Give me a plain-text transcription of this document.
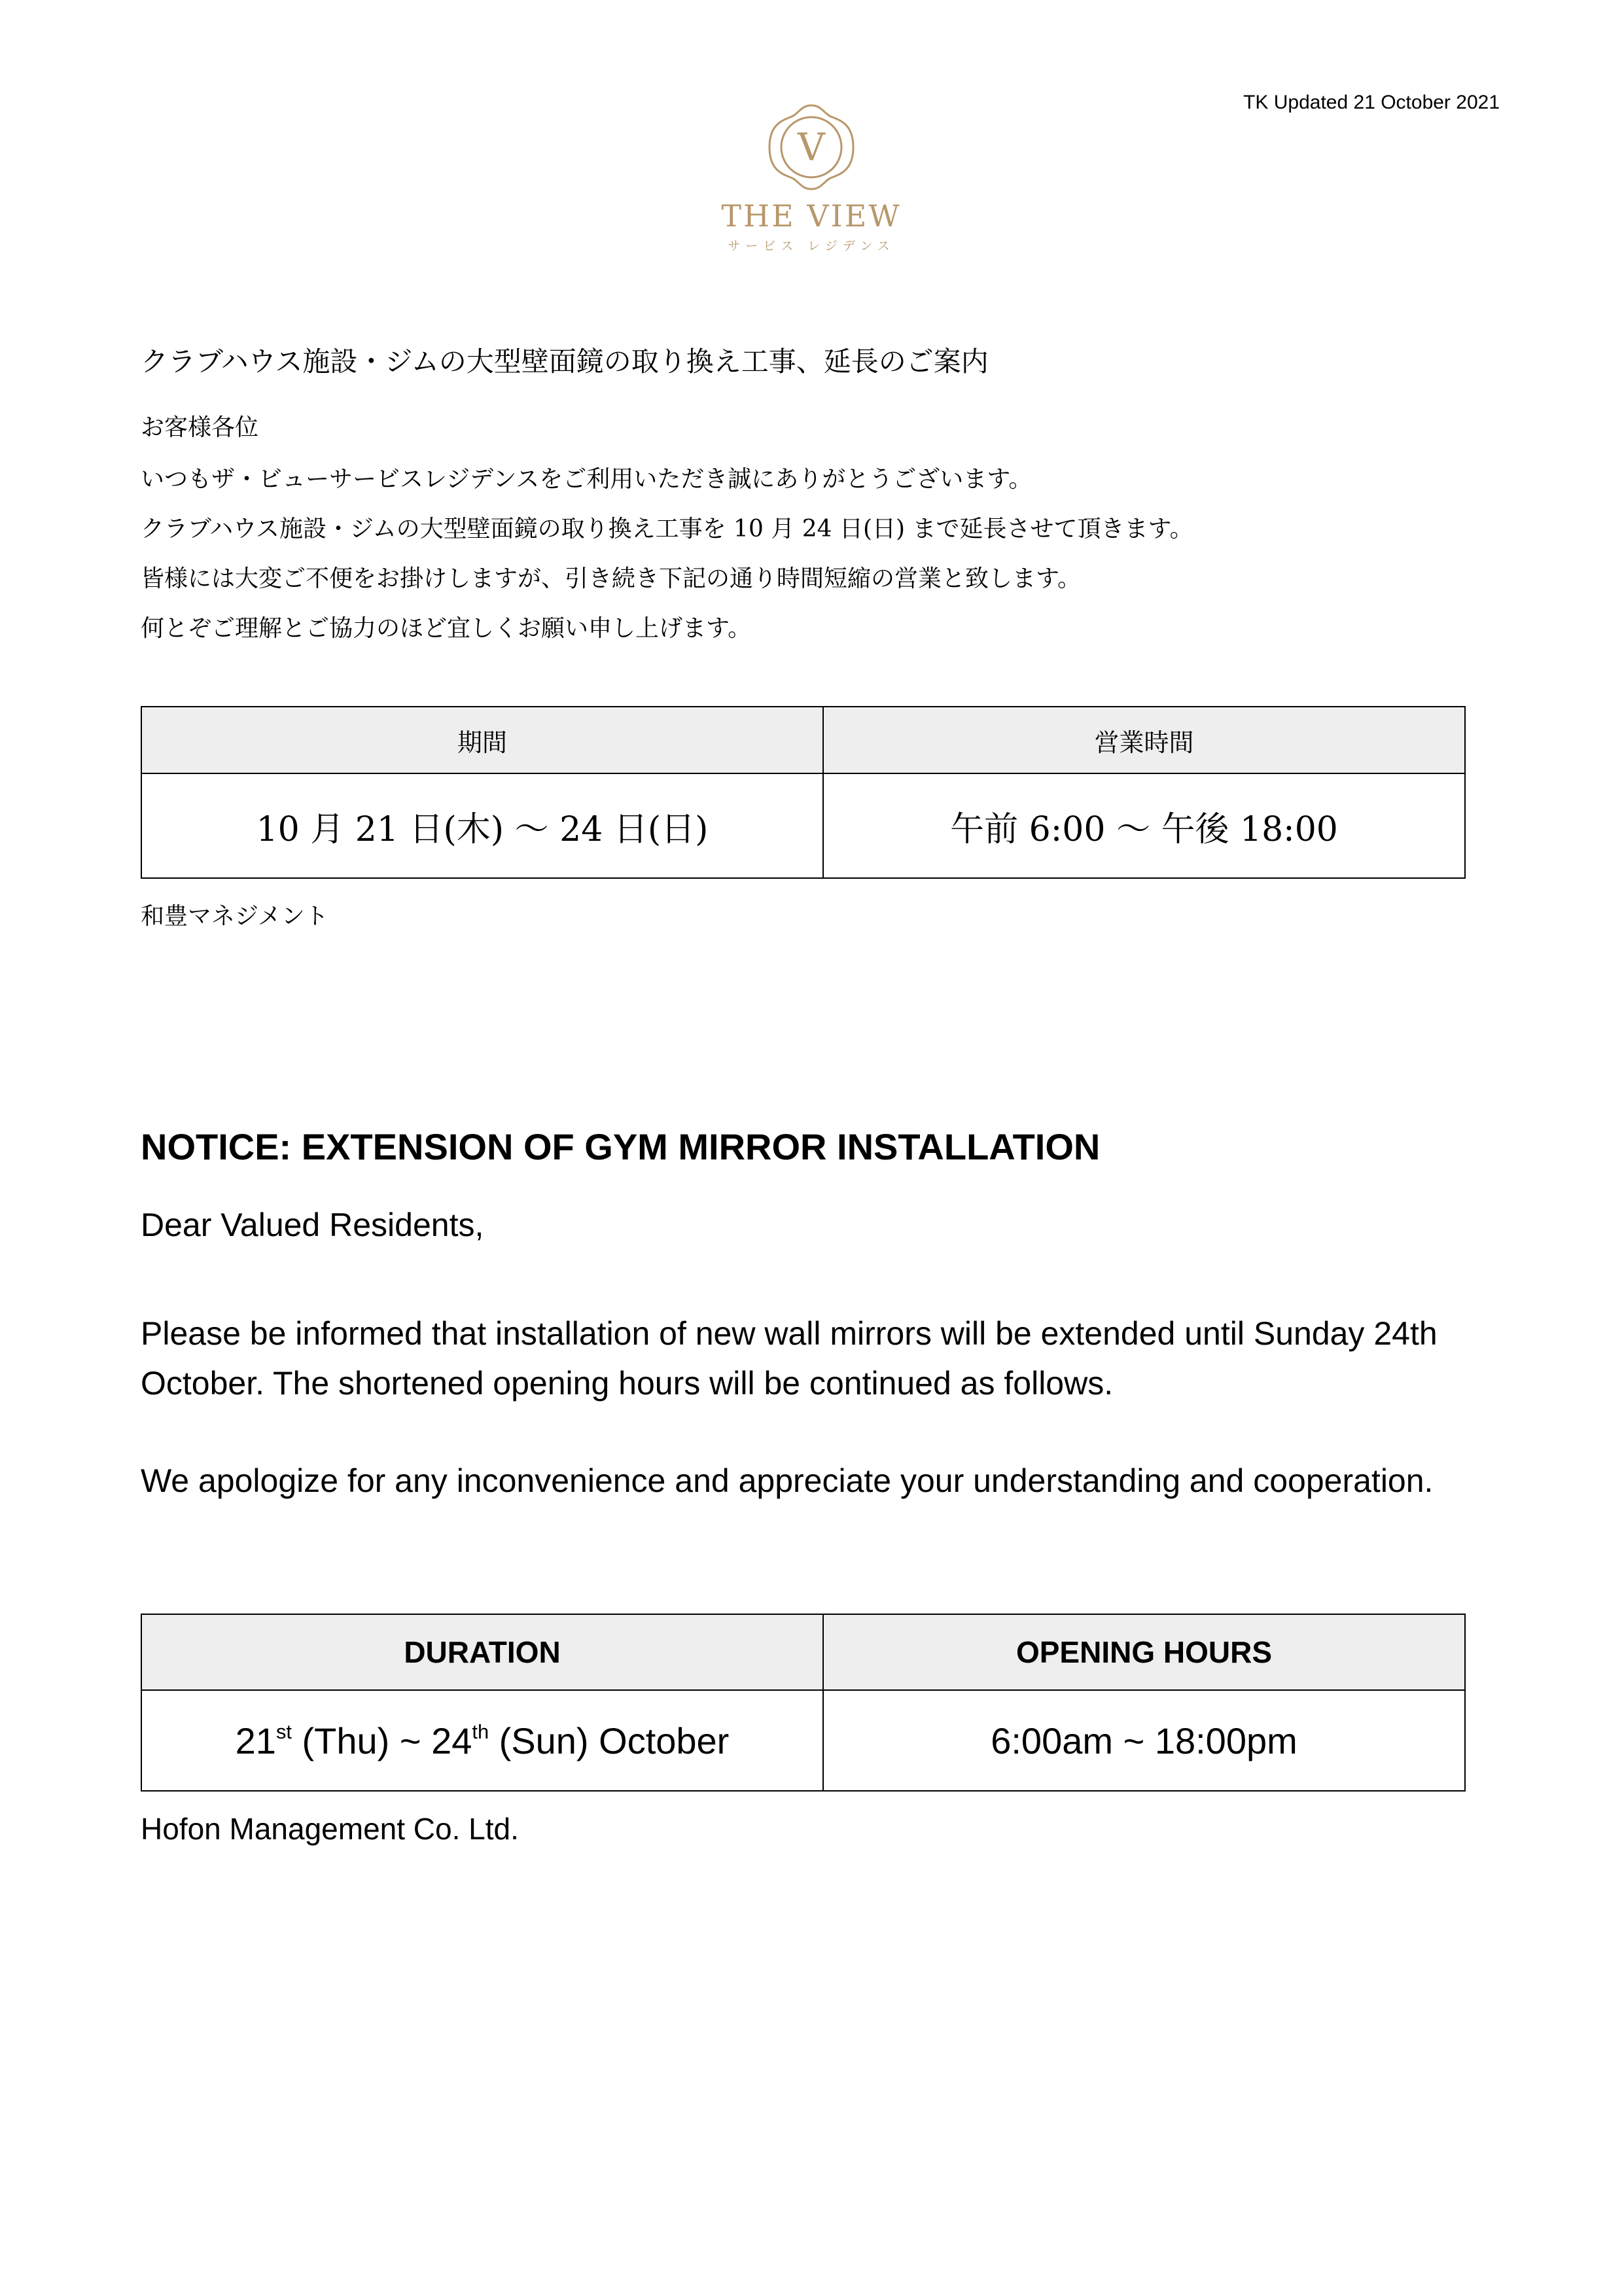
TK Updated 21 October 2021
V
THE VIEW
サービス レジデンス
クラブハウス施設・ジムの大型壁面鏡の取り換え工事、延長のご案内
お客様各位
いつもザ・ビューサービスレジデンスをご利用いただき誠にありがとうございます。
クラブハウス施設・ジムの大型壁面鏡の取り換え工事を 10 月 24 日(日) まで延長させて頂きます。
皆様には大変ご不便をお掛けしますが、引き続き下記の通り時間短縮の営業と致します。
何とぞご理解とご協力のほど宜しくお願い申し上げます。
期間	営業時間
10 月 21 日(木) 〜 24 日(日)	午前 6:00 〜 午後 18:00
和豊マネジメント
NOTICE: EXTENSION OF GYM MIRROR INSTALLATION
Dear Valued Residents,
Please be informed that installation of new wall mirrors will be extended until Sunday 24th October. The shortened opening hours will be continued as follows.
We apologize for any inconvenience and appreciate your understanding and cooperation.
DURATION	OPENING HOURS
21st (Thu) ~ 24th (Sun) October	6:00am ~ 18:00pm
Hofon Management Co. Ltd.
